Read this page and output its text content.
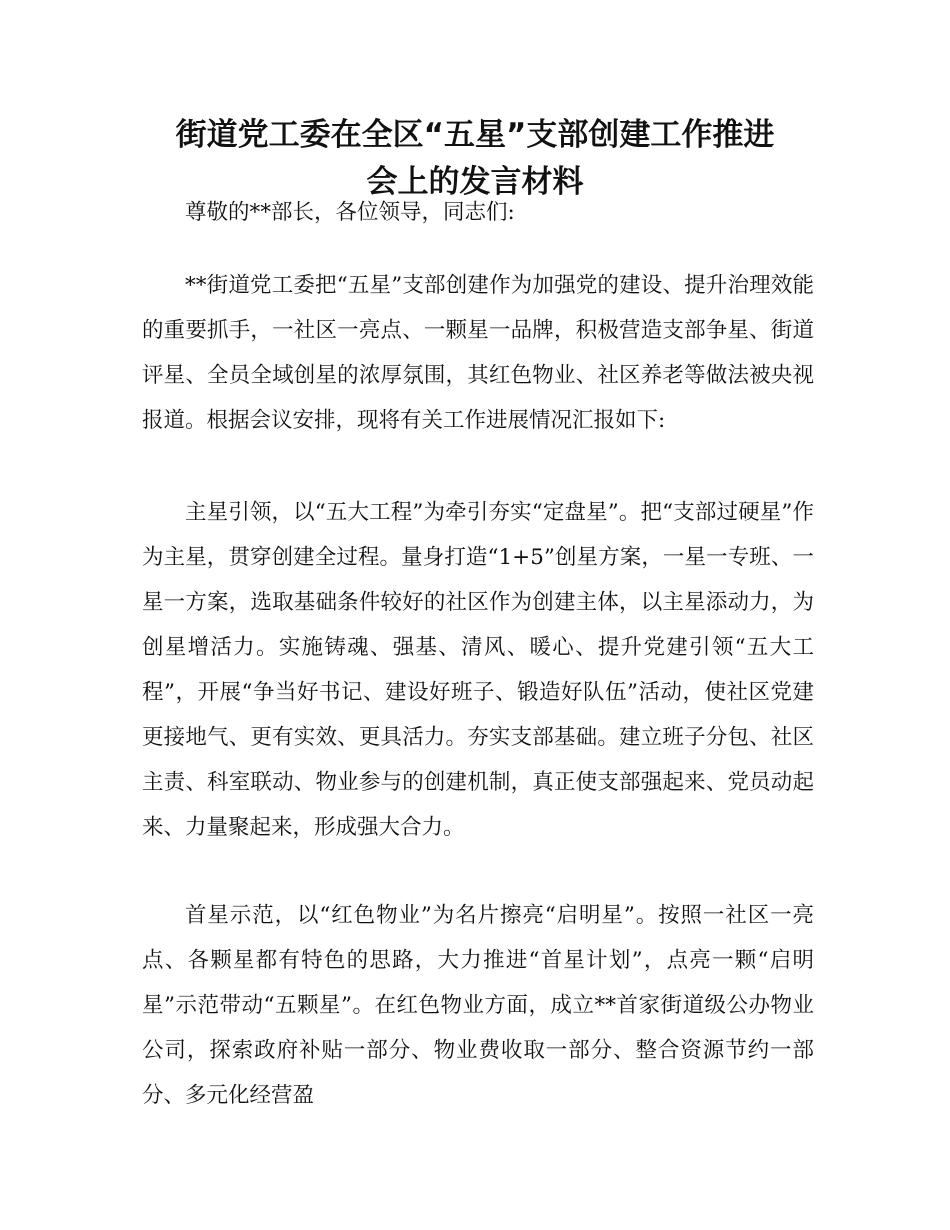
街道党工委在全区“五星”支部创建工作推进
会上的发言材料

尊敬的**部长，各位领导，同志们:

**街道党工委把“五星”支部创建作为加强党的建设、提升治理效能的重要抓手，一社区一亮点、一颗星一品牌，积极营造支部争星、街道评星、全员全域创星的浓厚氛围，其红色物业、社区养老等做法被央视报道。根据会议安排，现将有关工作进展情况汇报如下:

主星引领，以“五大工程”为牵引夯实“定盘星”。把“支部过硬星”作为主星，贯穿创建全过程。量身打造“1+5”创星方案，一星一专班、一星一方案，选取基础条件较好的社区作为创建主体，以主星添动力，为创星增活力。实施铸魂、强基、清风、暖心、提升党建引领“五大工程”，开展“争当好书记、建设好班子、锻造好队伍”活动，使社区党建更接地气、更有实效、更具活力。夯实支部基础。建立班子分包、社区主责、科室联动、物业参与的创建机制，真正使支部强起来、党员动起来、力量聚起来，形成强大合力。

首星示范，以“红色物业”为名片擦亮“启明星”。按照一社区一亮点、各颗星都有特色的思路，大力推进“首星计划”，点亮一颗“启明星”示范带动“五颗星”。在红色物业方面，成立**首家街道级公办物业公司，探索政府补贴一部分、物业费收取一部分、整合资源节约一部分、多元化经营盈
